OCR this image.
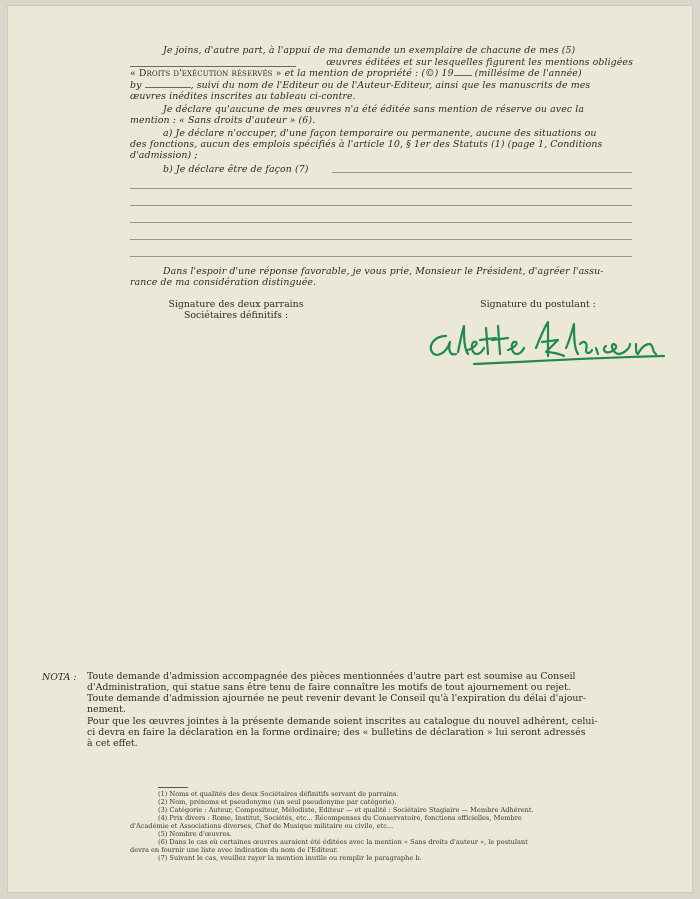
Je joins, d'autre part, à l'appui de ma demande un exemplaire de chacune de mes (5)
œuvres éditées et sur lesquelles figurent les mentions obligées
« Droits d'exécution réservés » et la mention de propriété : (©) 19 (millésime de l'année)
by	, suivi du nom de l'Editeur ou de l'Auteur-Editeur, ainsi que les manuscrits de mes
œuvres inédites inscrites au tableau ci-contre.
Je déclare qu'aucune de mes œuvres n'a été éditée sans mention de réserve ou avec la
mention : « Sans droits d'auteur » (6).
a) Je déclare n'occuper, d'une façon temporaire ou permanente, aucune des situations ou
des fonctions, aucun des emplois spécifiés à l'article 10, § 1er des Statuts (1) (page 1, Conditions
d'admission) ;
b) Je déclare être de façon (7)
Dans l'espoir d'une réponse favorable, je vous prie, Monsieur le Président, d'agréer l'assu-
rance de ma considération distinguée.
Signature des deux parrains
Sociétaires définitifs :
Signature du postulant :
NOTA : Toute demande d'admission accompagnée des pièces mentionnées d'autre part est soumise au Conseil
d'Administration, qui statue sans être tenu de faire connaître les motifs de tout ajournement ou rejet.
Toute demande d'admission ajournée ne peut revenir devant le Conseil qu'à l'expiration du délai d'ajour-
nement.
Pour que les œuvres jointes à la présente demande soient inscrites au catalogue du nouvel adhérent, celui-
ci devra en faire la déclaration en la forme ordinaire; des « bulletins de déclaration » lui seront adressés
à cet effet.
(1) Noms et qualités des deux Sociétaires définitifs servant de parrains.
(2) Nom, prénoms et pseudonyme (un seul pseudonyme par catégorie).
(3) Catégorie : Auteur, Compositeur, Mélodiste, Editeur — et qualité : Sociétaire Stagiaire — Membre Adhérent.
(4) Prix divers : Rome, Institut, Sociétés, etc... Récompenses du Conservatoire, fonctions officielles, Membre
d'Académie et Associations diverses, Chef de Musique militaire ou civile, etc...
(5) Nombre d'œuvres.
(6) Dans le cas où certaines œuvres auraient été éditées avec la mention « Sans droits d'auteur », le postulant
devra en fournir une liste avec indication du nom de l'Editeur.
(7) Suivant le cas, veuillez rayer la mention inutile ou remplir le paragraphe b.
